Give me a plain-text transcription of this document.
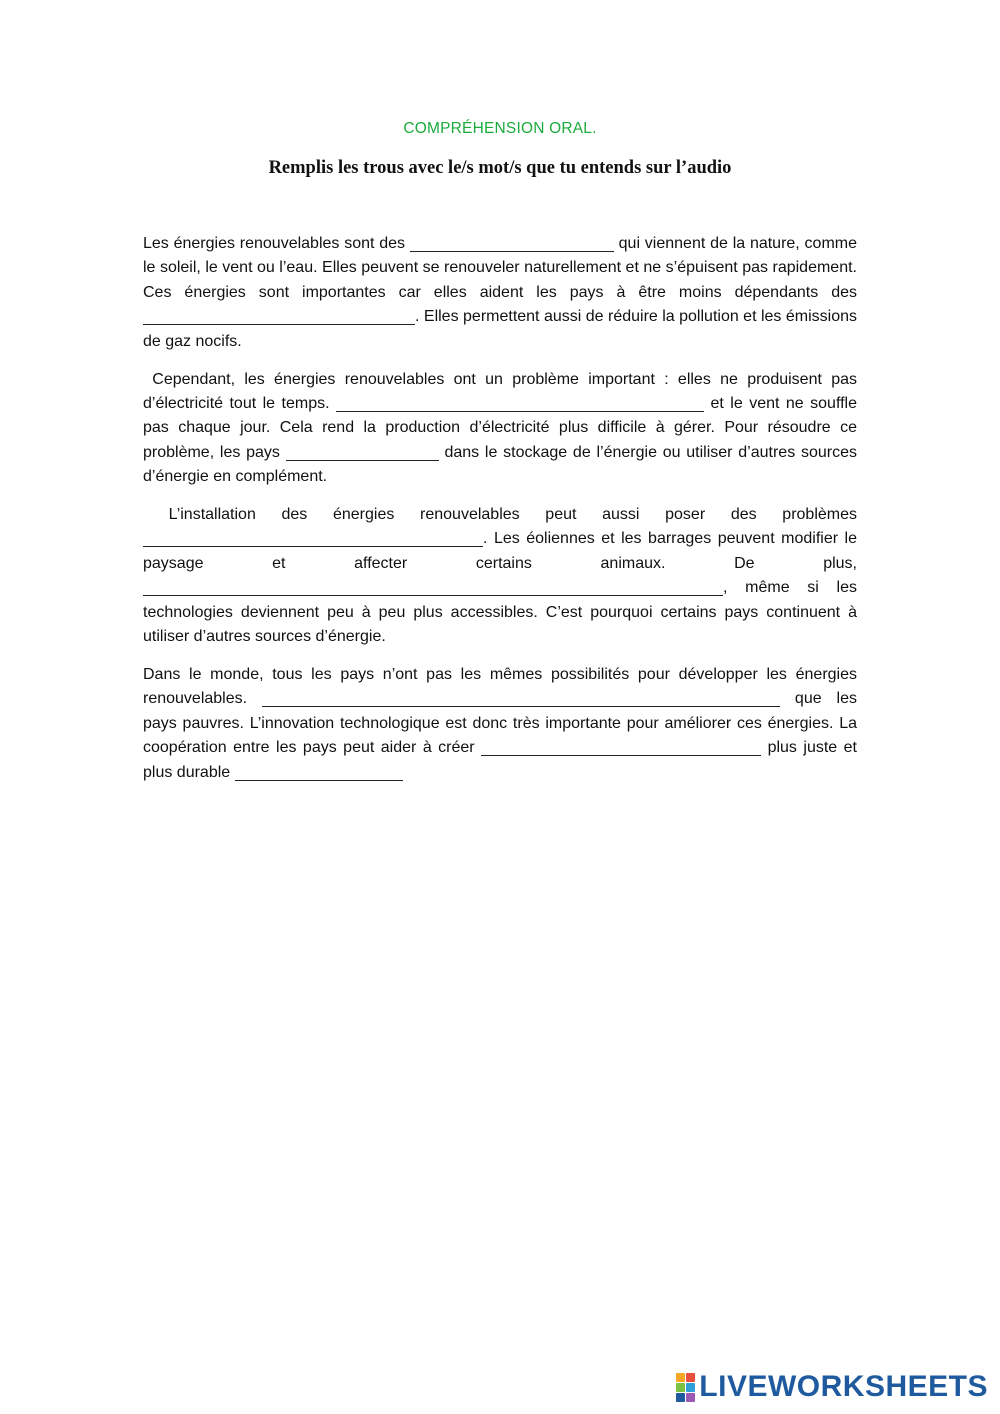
COMPRÉHENSION ORAL.
Remplis les trous avec le/s mot/s que tu entends sur l’audio

Les énergies renouvelables sont des	qui viennent de la nature, comme le soleil, le vent ou l’eau. Elles peuvent se renouveler naturellement et ne s’épuisent pas rapidement. Ces énergies sont importantes car elles aident les pays à être moins dépendants des . Elles permettent aussi de réduire la pollution et les émissions de gaz nocifs.

Cependant, les énergies renouvelables ont un problème important : elles ne produisent pas d’électricité tout le temps.	et le vent ne souffle pas chaque jour. Cela rend la production d’électricité plus difficile à gérer. Pour résoudre ce problème, les pays	dans le stockage de l’énergie ou utiliser d’autres sources d’énergie en complément.

L’installation des énergies renouvelables peut aussi poser des problèmes . Les éoliennes et les barrages peuvent modifier le paysage et affecter certains animaux. De plus, , même si les technologies deviennent peu à peu plus accessibles. C’est pourquoi certains pays continuent à utiliser d’autres sources d’énergie.

Dans le monde, tous les pays n’ont pas les mêmes possibilités pour développer les énergies renouvelables.	que les pays pauvres. L’innovation technologique est donc très importante pour améliorer ces énergies. La coopération entre les pays peut aider à créer	plus juste et plus durable

LIVEWORKSHEETS
